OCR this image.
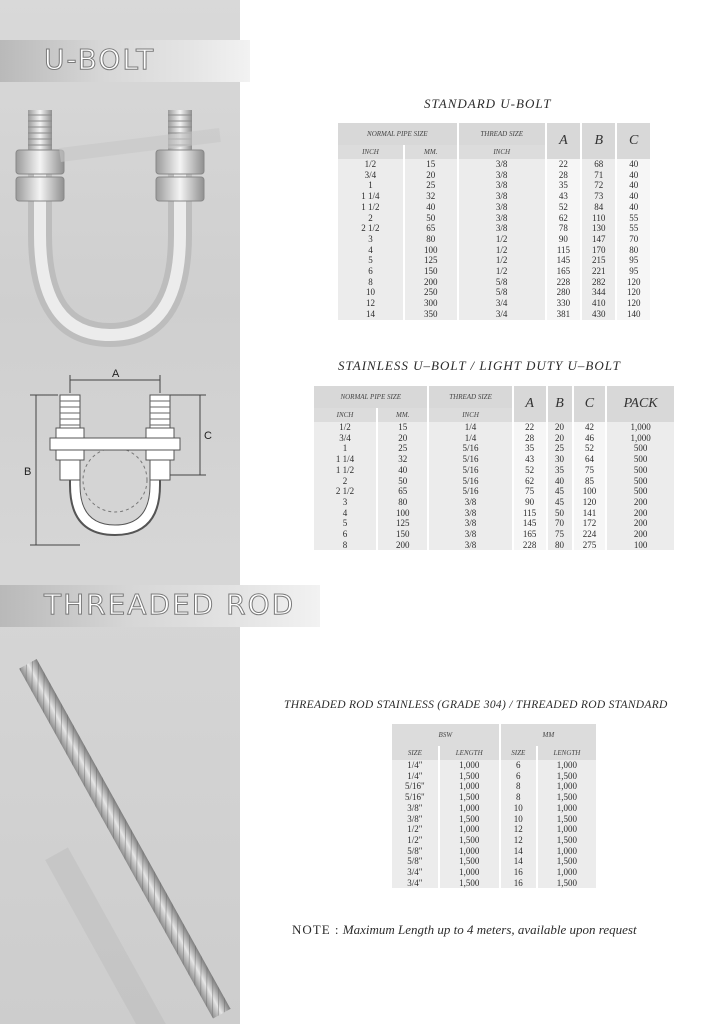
U-BOLT
A
B
C
STANDARD U-BOLT
NORMAL PIPE SIZE		THREAD SIZE	A	B	C
INCH	MM.	INCH			
1/2	15	3/8	22	68	40
3/4	20	3/8	28	71	40
1	25	3/8	35	72	40
1 1/4	32	3/8	43	73	40
1 1/2	40	3/8	52	84	40
2	50	3/8	62	110	55
2 1/2	65	3/8	78	130	55
3	80	1/2	90	147	70
4	100	1/2	115	170	80
5	125	1/2	145	215	95
6	150	1/2	165	221	95
8	200	5/8	228	282	120
10	250	5/8	280	344	120
12	300	3/4	330	410	120
14	350	3/4	381	430	140
STAINLESS U–BOLT / LIGHT DUTY U–BOLT
NORMAL PIPE SIZE		THREAD SIZE	A	B	C	PACK
INCH	MM.	INCH				
1/2	15	1/4	22	20	42	1,000
3/4	20	1/4	28	20	46	1,000
1	25	5/16	35	25	52	500
1 1/4	32	5/16	43	30	64	500
1 1/2	40	5/16	52	35	75	500
2	50	5/16	62	40	85	500
2 1/2	65	5/16	75	45	100	500
3	80	3/8	90	45	120	200
4	100	3/8	115	50	141	200
5	125	3/8	145	70	172	200
6	150	3/8	165	75	224	200
8	200	3/8	228	80	275	100
THREADED ROD
THREADED ROD STAINLESS (GRADE 304) / THREADED ROD STANDARD
BSW		MM	
SIZE	LENGTH	SIZE	LENGTH
1/4"	1,000	6	1,000
1/4"	1,500	6	1,500
5/16"	1,000	8	1,000
5/16"	1,500	8	1,500
3/8"	1,000	10	1,000
3/8"	1,500	10	1,500
1/2"	1,000	12	1,000
1/2"	1,500	12	1,500
5/8"	1,000	14	1,000
5/8"	1,500	14	1,500
3/4"	1,000	16	1,000
3/4"	1,500	16	1,500
NOTE : Maximum Length up to 4 meters, available upon request
